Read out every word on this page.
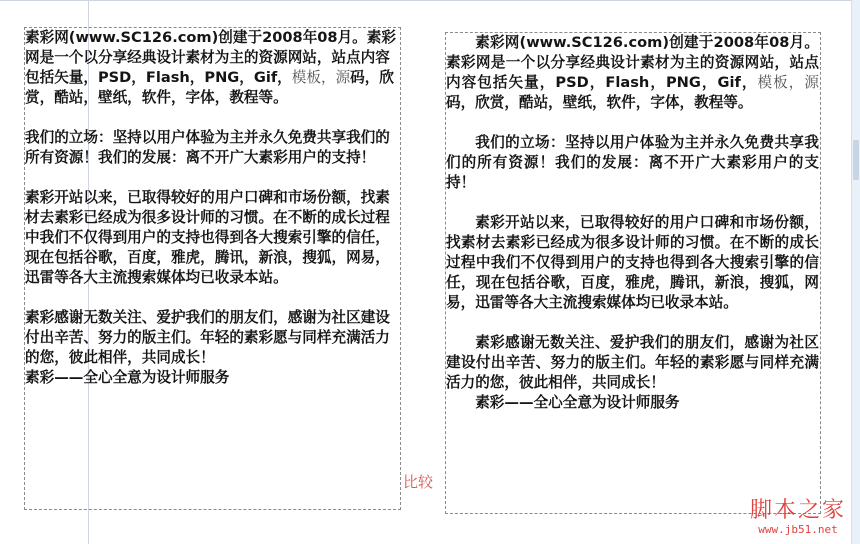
素彩网(www.SC126.com)创建于2008年08月。素彩网是一个以分享经典设计素材为主的资源网站，站点内容包括矢量，PSD，Flash，PNG，Gif，模板，源码，欣赏，酷站，壁纸，软件，字体，教程等。

我们的立场：坚持以用户体验为主并永久免费共享我们的所有资源！我们的发展：离不开广大素彩用户的支持！

素彩开站以来，已取得较好的用户口碑和市场份额，找素材去素彩已经成为很多设计师的习惯。在不断的成长过程中我们不仅得到用户的支持也得到各大搜索引擎的信任，现在包括谷歌，百度，雅虎，腾讯，新浪，搜狐，网易，迅雷等各大主流搜索媒体均已收录本站。

素彩感谢无数关注、爱护我们的朋友们，感谢为社区建设付出辛苦、努力的版主们。年轻的素彩愿与同样充满活力的您，彼此相伴，共同成长！

素彩——全心全意为设计师服务

素彩网(www.SC126.com)创建于2008年08月。素彩网是一个以分享经典设计素材为主的资源网站，站点内容包括矢量，PSD，Flash，PNG，Gif，模板，源码，欣赏，酷站，壁纸，软件，字体，教程等。

我们的立场：坚持以用户体验为主并永久免费共享我们的所有资源！我们的发展：离不开广大素彩用户的支持！

素彩开站以来，已取得较好的用户口碑和市场份额，找素材去素彩已经成为很多设计师的习惯。在不断的成长过程中我们不仅得到用户的支持也得到各大搜索引擎的信任，现在包括谷歌，百度，雅虎，腾讯，新浪，搜狐，网易，迅雷等各大主流搜索媒体均已收录本站。

素彩感谢无数关注、爱护我们的朋友们，感谢为社区建设付出辛苦、努力的版主们。年轻的素彩愿与同样充满活力的您，彼此相伴，共同成长！

素彩——全心全意为设计师服务

比较
脚本之家
www.jb51.net
